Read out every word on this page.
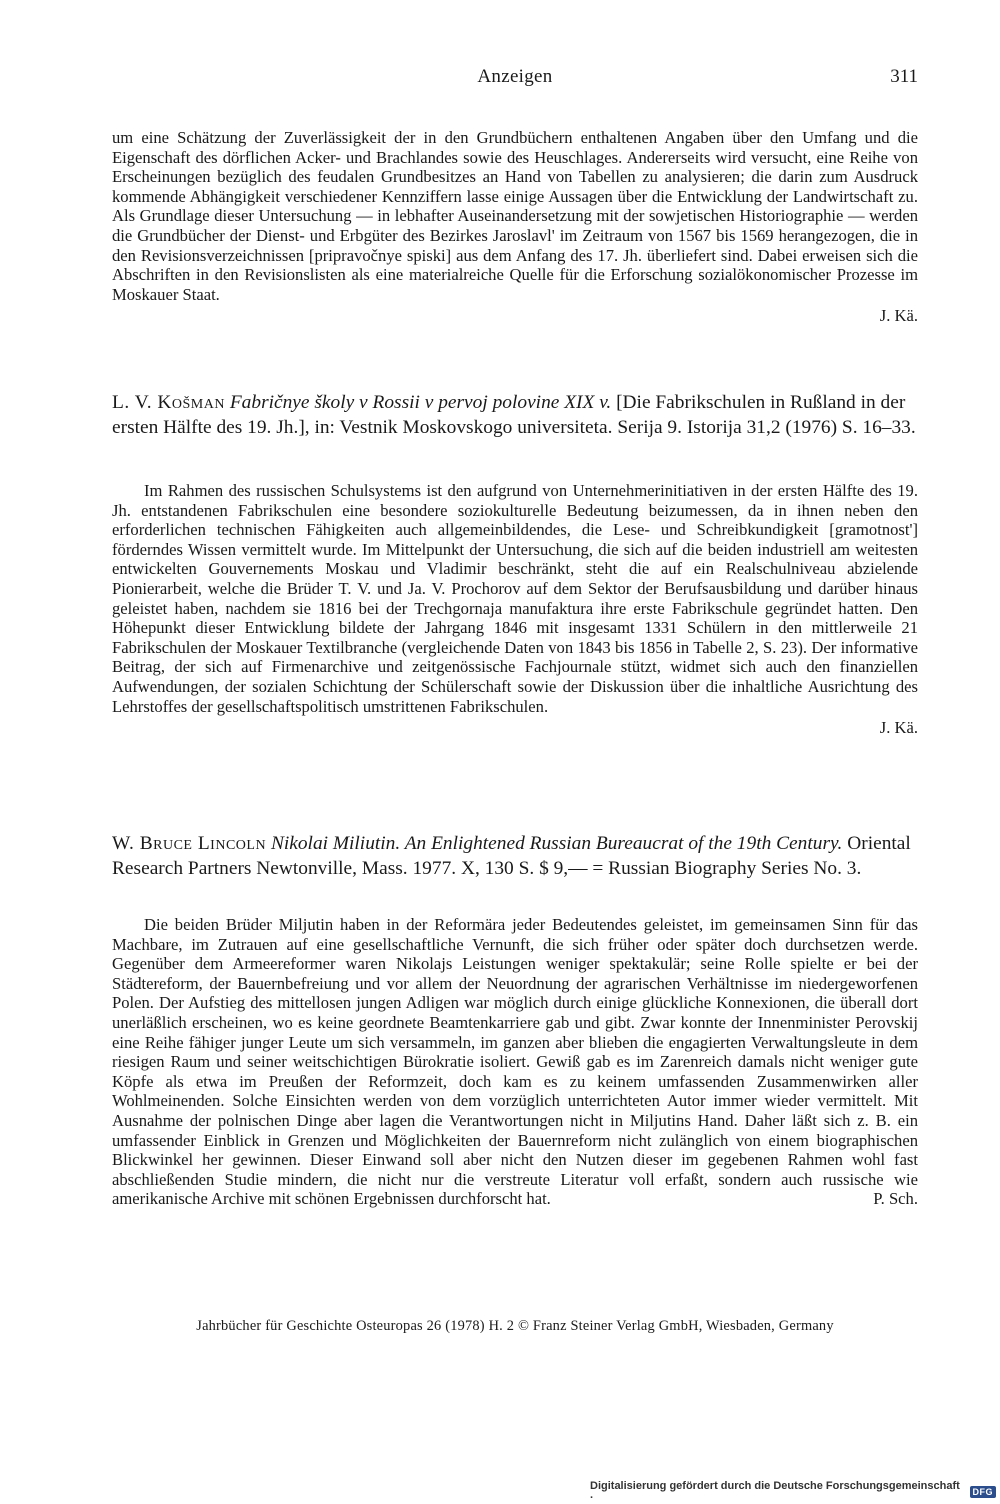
Anzeigen	311

um eine Schätzung der Zuverlässigkeit der in den Grundbüchern enthaltenen Angaben über den Umfang und die Eigenschaft des dörflichen Acker- und Brachlandes sowie des Heuschlages. Andererseits wird versucht, eine Reihe von Erscheinungen bezüglich des feudalen Grundbesitzes an Hand von Tabellen zu analysieren; die darin zum Ausdruck kommende Abhängigkeit verschiedener Kennziffern lasse einige Aussagen über die Entwicklung der Landwirtschaft zu. Als Grundlage dieser Untersuchung — in lebhafter Auseinandersetzung mit der sowjetischen Historiographie — werden die Grundbücher der Dienst- und Erbgüter des Bezirkes Jaroslavl' im Zeitraum von 1567 bis 1569 herangezogen, die in den Revisionsverzeichnissen [pripravočnye spiski] aus dem Anfang des 17. Jh. überliefert sind. Dabei erweisen sich die Abschriften in den Revisionslisten als eine materialreiche Quelle für die Erforschung sozialökonomischer Prozesse im Moskauer Staat.

J. Kä.

L. V. Košman Fabričnye školy v Rossii v pervoj polovine XIX v. [Die Fabrikschulen in Rußland in der ersten Hälfte des 19. Jh.], in: Vestnik Moskovskogo universiteta. Serija 9. Istorija 31,2 (1976) S. 16–33.

Im Rahmen des russischen Schulsystems ist den aufgrund von Unternehmerinitiativen in der ersten Hälfte des 19. Jh. entstandenen Fabrikschulen eine besondere soziokulturelle Bedeutung beizumessen, da in ihnen neben den erforderlichen technischen Fähigkeiten auch allgemeinbildendes, die Lese- und Schreibkundigkeit [gramotnost'] förderndes Wissen vermittelt wurde. Im Mittelpunkt der Untersuchung, die sich auf die beiden industriell am weitesten entwickelten Gouvernements Moskau und Vladimir beschränkt, steht die auf ein Realschulniveau abzielende Pionierarbeit, welche die Brüder T. V. und Ja. V. Prochorov auf dem Sektor der Berufsausbildung und darüber hinaus geleistet haben, nachdem sie 1816 bei der Trechgornaja manufaktura ihre erste Fabrikschule gegründet hatten. Den Höhepunkt dieser Entwicklung bildete der Jahrgang 1846 mit insgesamt 1331 Schülern in den mittlerweile 21 Fabrikschulen der Moskauer Textilbranche (vergleichende Daten von 1843 bis 1856 in Tabelle 2, S. 23). Der informative Beitrag, der sich auf Firmenarchive und zeitgenössische Fachjournale stützt, widmet sich auch den finanziellen Aufwendungen, der sozialen Schichtung der Schülerschaft sowie der Diskussion über die inhaltliche Ausrichtung des Lehrstoffes der gesellschaftspolitisch umstrittenen Fabrikschulen.

J. Kä.

W. Bruce Lincoln Nikolai Miliutin. An Enlightened Russian Bureaucrat of the 19th Century. Oriental Research Partners Newtonville, Mass. 1977. X, 130 S. $ 9,— = Russian Biography Series No. 3.

Die beiden Brüder Miljutin haben in der Reformära jeder Bedeutendes geleistet, im gemeinsamen Sinn für das Machbare, im Zutrauen auf eine gesellschaftliche Vernunft, die sich früher oder später doch durchsetzen werde. Gegenüber dem Armeereformer waren Nikolajs Leistungen weniger spektakulär; seine Rolle spielte er bei der Städtereform, der Bauernbefreiung und vor allem der Neuordnung der agrarischen Verhältnisse im niedergeworfenen Polen. Der Aufstieg des mittellosen jungen Adligen war möglich durch einige glückliche Konnexionen, die überall dort unerläßlich erscheinen, wo es keine geordnete Beamtenkarriere gab und gibt. Zwar konnte der Innenminister Perovskij eine Reihe fähiger junger Leute um sich versammeln, im ganzen aber blieben die engagierten Verwaltungsleute in dem riesigen Raum und seiner weitschichtigen Bürokratie isoliert. Gewiß gab es im Zarenreich damals nicht weniger gute Köpfe als etwa im Preußen der Reformzeit, doch kam es zu keinem umfassenden Zusammenwirken aller Wohlmeinenden. Solche Einsichten werden von dem vorzüglich unterrichteten Autor immer wieder vermittelt. Mit Ausnahme der polnischen Dinge aber lagen die Verantwortungen nicht in Miljutins Hand. Daher läßt sich z. B. ein umfassender Einblick in Grenzen und Möglichkeiten der Bauernreform nicht zulänglich von einem biographischen Blickwinkel her gewinnen. Dieser Einwand soll aber nicht den Nutzen dieser im gegebenen Rahmen wohl fast abschließenden Studie mindern, die nicht nur die verstreute Literatur voll erfaßt, sondern auch russische wie amerikanische Archive mit schönen Ergebnissen durchforscht hat.	P. Sch.

Jahrbücher für Geschichte Osteuropas 26 (1978) H. 2 © Franz Steiner Verlag GmbH, Wiesbaden, Germany
Digitalisierung gefördert durch die Deutsche Forschungsgemeinschaft ·	DFG
